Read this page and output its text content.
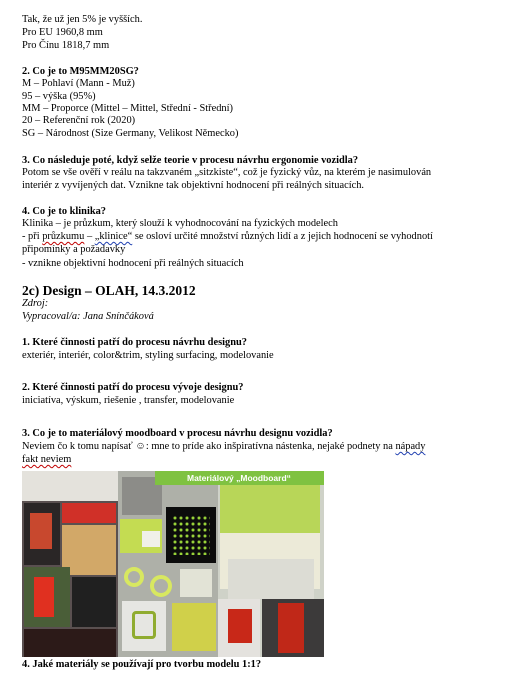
Tak, že už jen 5% je vyšších.
Pro EU 1960,8 mm
Pro Čínu 1818,7 mm
2. Co je to M95MM20SG?
M – Pohlaví (Mann - Muž)
95 – výška (95%)
MM – Proporce (Mittel – Mittel, Střední - Střední)
20 – Referenční rok (2020)
SG – Národnost (Size Germany, Velikost Německo)
3. Co následuje poté, když selže teorie v procesu návrhu ergonomie vozidla?
Potom se vše ověří v reálu na takzvaném „sitzkiste“, což je fyzický vůz, na kterém je nasimulován
interiér z vyvíjených dat. Vznikne tak objektivní hodnocení při reálných situacích.
4. Co je to klinika?
Klinika – je průzkum, který slouží k vyhodnocování na fyzických modelech
- při průzkumu – „klinice“ se osloví určité množství různých lidí a z jejich hodnocení se vyhodnotí
připomínky a požadavky
- vznikne objektivní hodnocení při reálných situacích
2c) Design – OLAH, 14.3.2012
Zdroj:
Vypracoval/a: Jana Snínčáková
1. Které činnosti patří do procesu návrhu designu?
exteriér, interiér, color&trim, styling surfacing, modelovanie
2. Které činnosti patří do procesu vývoje designu?
iniciatíva, výskum, riešenie , transfer, modelovanie
3. Co je to materiálový moodboard v procesu návrhu designu vozidla?
Neviem čo k tomu napísať ☺: mne to príde ako inšpiratívna nástenka, nejaké podnety na nápady
fakt neviem
Materiálový „Moodboard“
4. Jaké materiály se používají pro tvorbu modelu 1:1?
